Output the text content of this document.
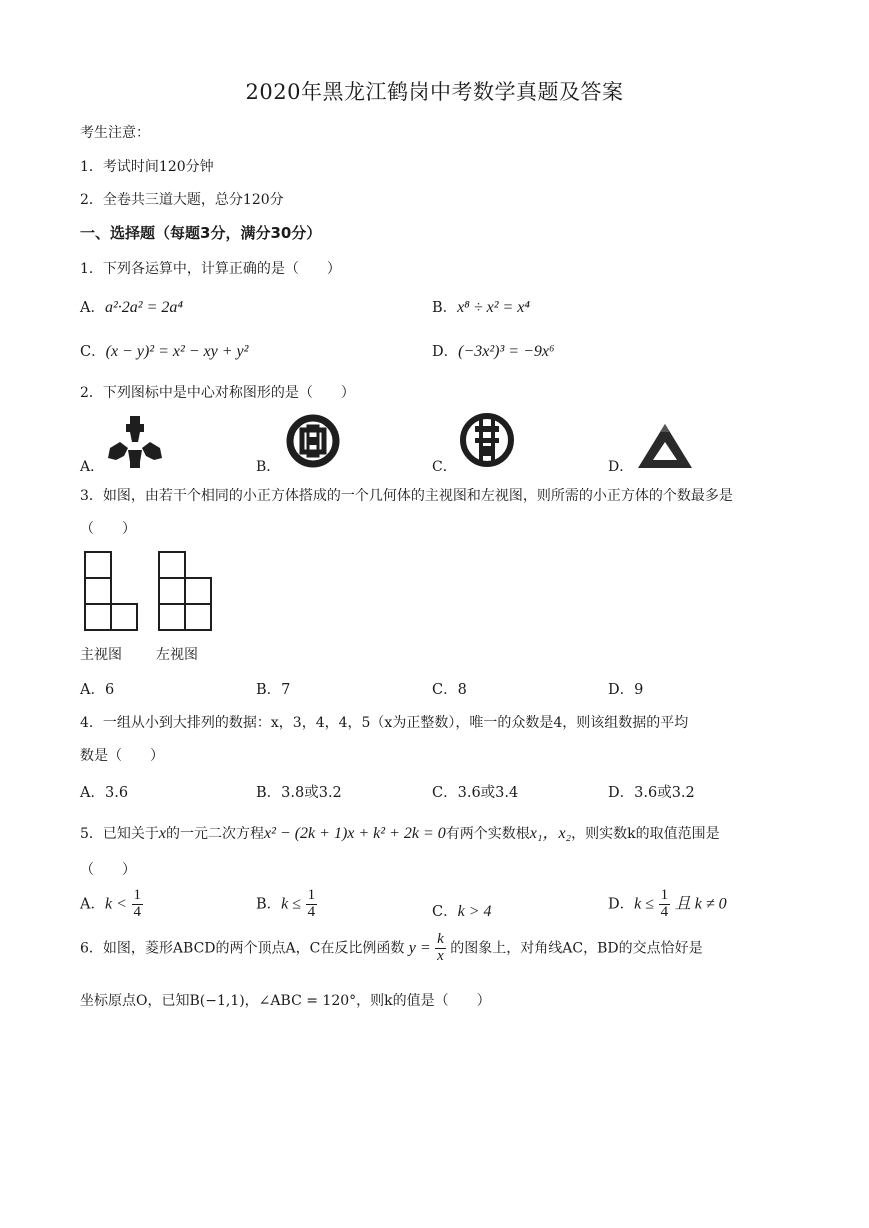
2020年黑龙江鹤岗中考数学真题及答案
考生注意：
1．考试时间120分钟
2．全卷共三道大题，总分120分
一、选择题（每题3分，满分30分）
1．下列各运算中，计算正确的是（　　）
A．a²·2a² = 2a⁴	B．x⁸ ÷ x² = x⁴
C．(x − y)² = x² − xy + y²	D．(−3x²)³ = −9x⁶
2．下列图标中是中心对称图形的是（　　）
A．	B．	C．	D．
3．如图，由若干个相同的小正方体搭成的一个几何体的主视图和左视图，则所需的小正方体的个数最多是
（　　）
主视图 左视图
A．6	B．7	C．8	D．9
4．一组从小到大排列的数据：x，3，4，4，5（x为正整数），唯一的众数是4，则该组数据的平均
数是（　　）
A．3.6	B．3.8或3.2	C．3.6或3.4	D．3.6或3.2
5．已知关于x的一元二次方程x² − (2k + 1)x + k² + 2k = 0有两个实数根x₁，x₂，则实数k的取值范围是
（　　）
A．$k < \frac{1}{4}$	B．$k \le \frac{1}{4}$	C．k > 4	D．$k \le \frac{1}{4}$ 且 k ≠ 0
6．如图，菱形ABCD的两个顶点A，C在反比例函数 $y = \frac{k}{x}$ 的图象上，对角线AC，BD的交点恰好是
坐标原点O，已知B(−1,1)，∠ABC = 120°，则k的值是（　　）
